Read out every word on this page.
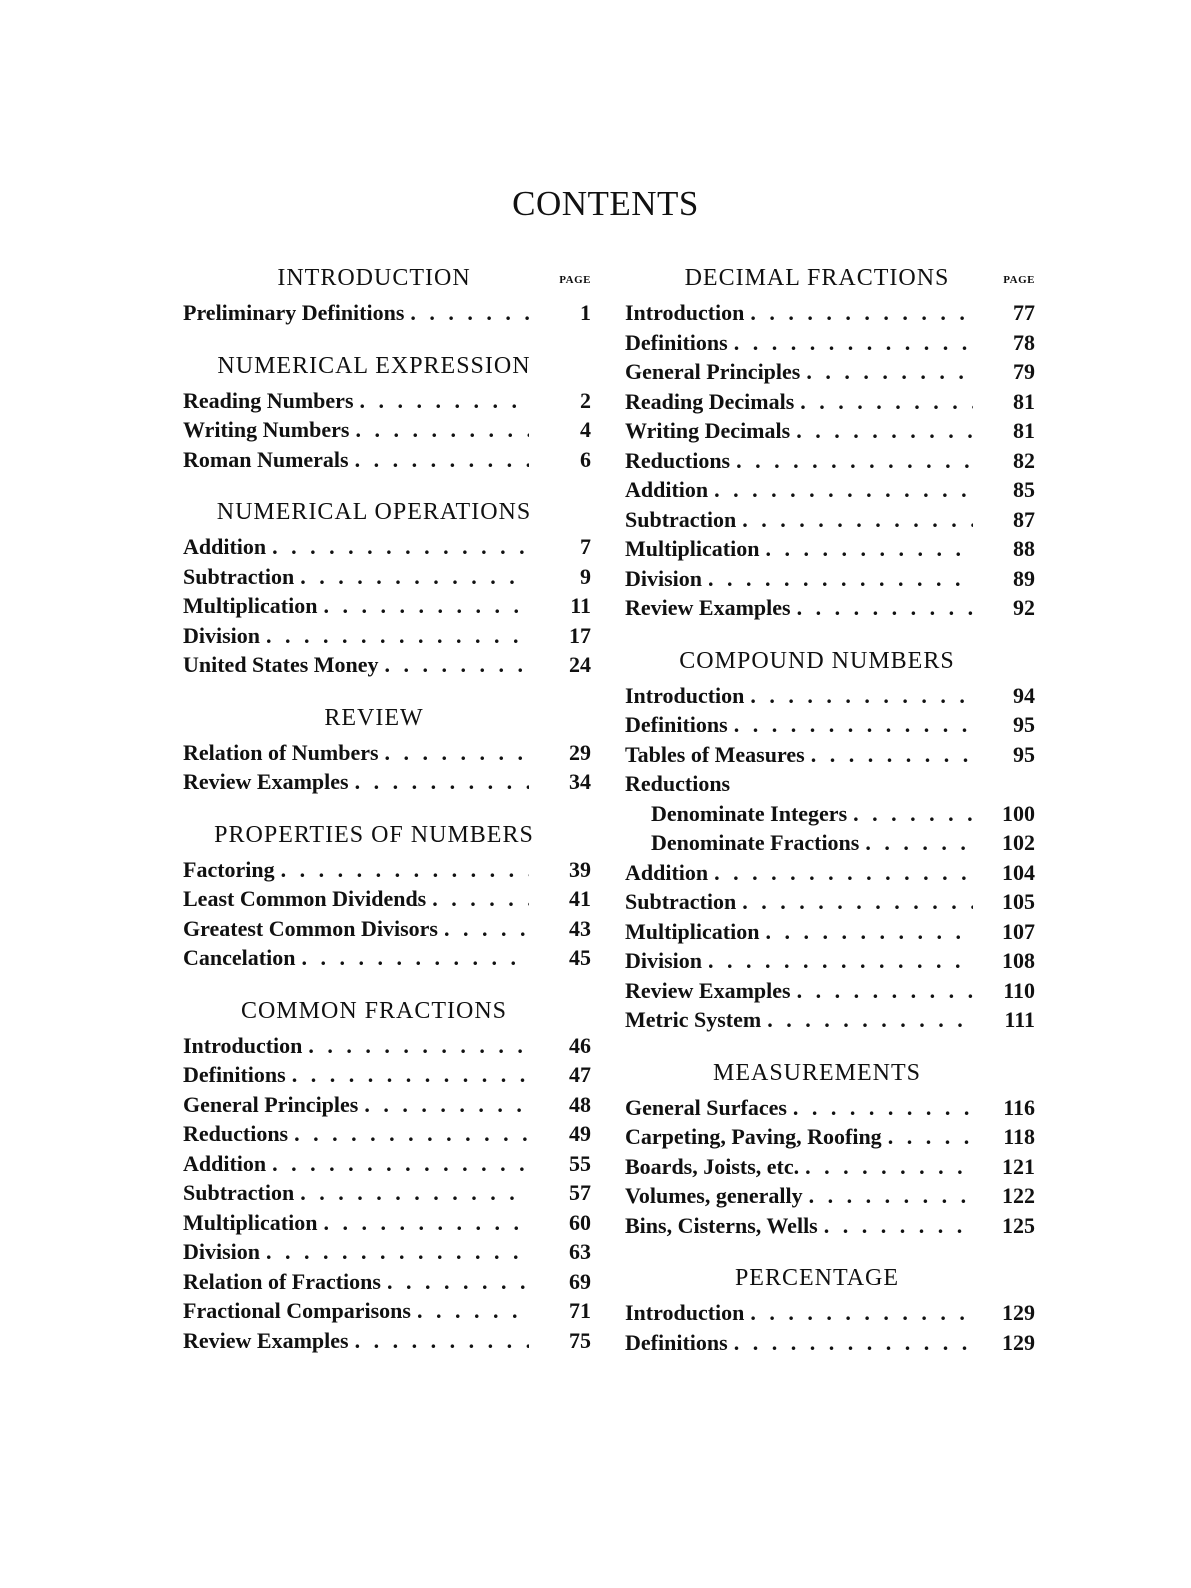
CONTENTS
INTRODUCTION	PAGE
Preliminary Definitions . . .	1
NUMERICAL EXPRESSION
Reading Numbers . . .	2
Writing Numbers . . .	4
Roman Numerals . . .	6
NUMERICAL OPERATIONS
Addition . . .	7
Subtraction . . .	9
Multiplication . . .	11
Division . . .	17
United States Money . . .	24
REVIEW
Relation of Numbers . . .	29
Review Examples . . .	34
PROPERTIES OF NUMBERS
Factoring . . .	39
Least Common Dividends . . .	41
Greatest Common Divisors . . .	43
Cancelation . . .	45
COMMON FRACTIONS
Introduction . . .	46
Definitions . . .	47
General Principles . . .	48
Reductions . . .	49
Addition . . .	55
Subtraction . . .	57
Multiplication . . .	60
Division . . .	63
Relation of Fractions . . .	69
Fractional Comparisons . . .	71
Review Examples . . .	75
DECIMAL FRACTIONS	PAGE
Introduction . . .	77
Definitions . . .	78
General Principles . . .	79
Reading Decimals . . .	81
Writing Decimals . . .	81
Reductions . . .	82
Addition . . .	85
Subtraction . . .	87
Multiplication . . .	88
Division . . .	89
Review Examples . . .	92
COMPOUND NUMBERS
Introduction . . .	94
Definitions . . .	95
Tables of Measures . . .	95
Reductions
Denominate Integers . . .	100
Denominate Fractions . . .	102
Addition . . .	104
Subtraction . . .	105
Multiplication . . .	107
Division . . .	108
Review Examples . . .	110
Metric System . . .	111
MEASUREMENTS
General Surfaces . . .	116
Carpeting, Paving, Roofing . . .	118
Boards, Joists, etc. . . .	121
Volumes, generally . . .	122
Bins, Cisterns, Wells . . .	125
PERCENTAGE
Introduction . . .	129
Definitions . . .	129
